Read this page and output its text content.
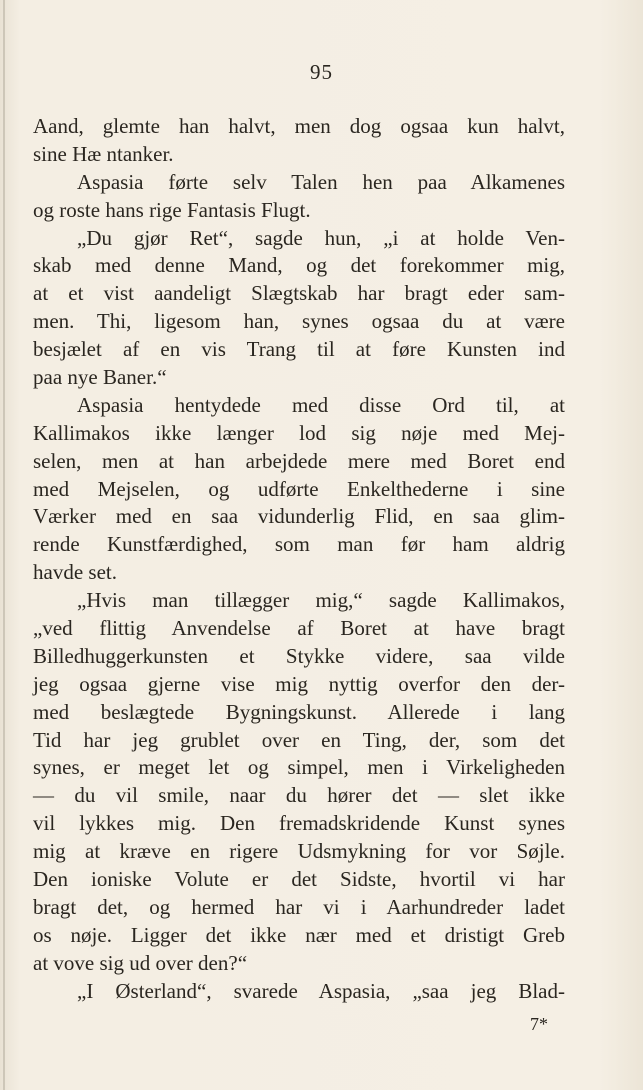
95
Aand, glemte han halvt, men dog ogsaa kun halvt,
sine Hæ ntanker.
Aspasia førte selv Talen hen paa Alkamenes
og roste hans rige Fantasis Flugt.
„Du gjør Ret“, sagde hun, „i at holde Ven-
skab med denne Mand, og det forekommer mig,
at et vist aandeligt Slægtskab har bragt eder sam-
men. Thi, ligesom han, synes ogsaa du at være
besjælet af en vis Trang til at føre Kunsten ind
paa nye Baner.“
Aspasia hentydede med disse Ord til, at
Kallimakos ikke længer lod sig nøje med Mej-
selen, men at han arbejdede mere med Boret end
med Mejselen, og udførte Enkelthederne i sine
Værker med en saa vidunderlig Flid, en saa glim-
rende Kunstfærdighed, som man før ham aldrig
havde set.
„Hvis man tillægger mig,“ sagde Kallimakos,
„ved flittig Anvendelse af Boret at have bragt
Billedhuggerkunsten et Stykke videre, saa vilde
jeg ogsaa gjerne vise mig nyttig overfor den der-
med beslægtede Bygningskunst. Allerede i lang
Tid har jeg grublet over en Ting, der, som det
synes, er meget let og simpel, men i Virkeligheden
— du vil smile, naar du hører det — slet ikke
vil lykkes mig. Den fremadskridende Kunst synes
mig at kræve en rigere Udsmykning for vor Søjle.
Den ioniske Volute er det Sidste, hvortil vi har
bragt det, og hermed har vi i Aarhundreder ladet
os nøje. Ligger det ikke nær med et dristigt Greb
at vove sig ud over den?“
„I Østerland“, svarede Aspasia, „saa jeg Blad-
7*
